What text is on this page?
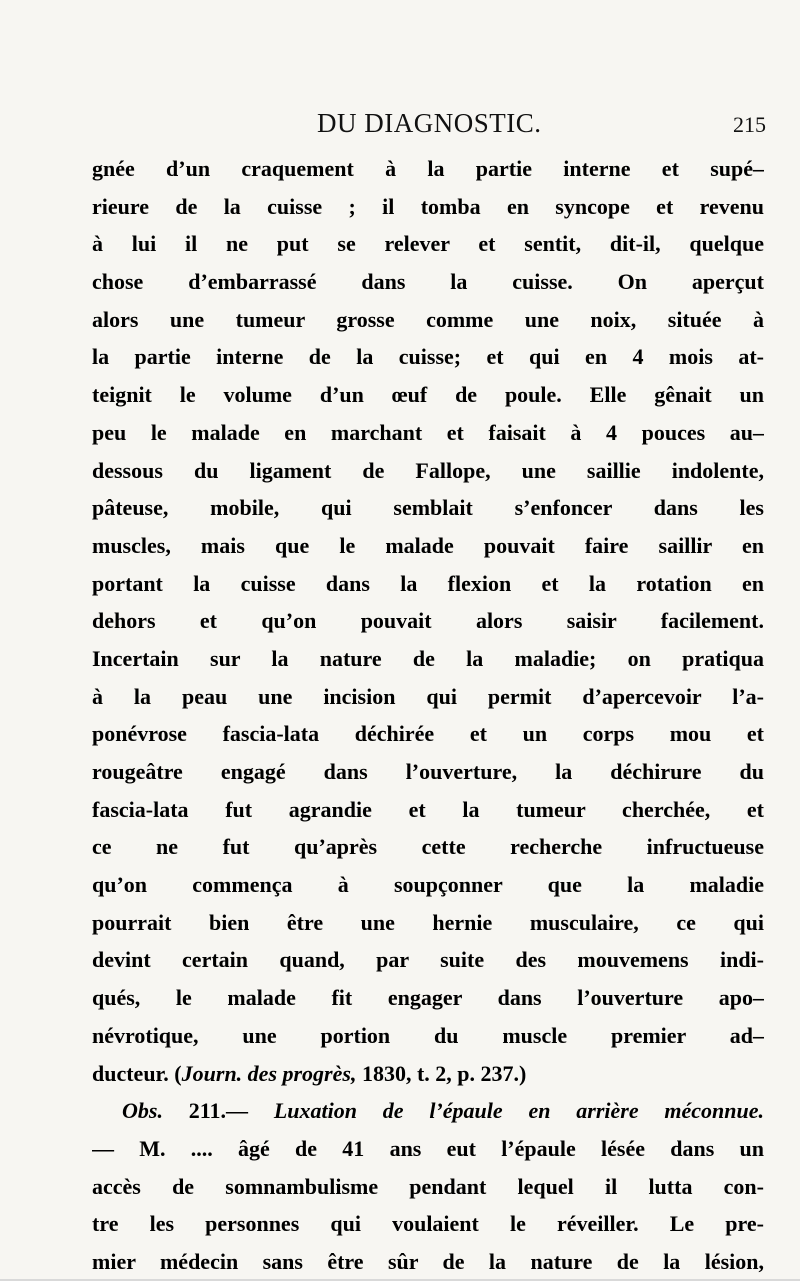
DU DIAGNOSTIC.	215
gnée d’un craquement à la partie interne et supé–
rieure de la cuisse ; il tomba en syncope et revenu
à lui il ne put se relever et sentit, dit-il, quelque
chose d’embarrassé dans la cuisse. On aperçut
alors une tumeur grosse comme une noix, située à
la partie interne de la cuisse; et qui en 4 mois at-
teignit le volume d’un œuf de poule. Elle gênait un
peu le malade en marchant et faisait à 4 pouces au–
dessous du ligament de Fallope, une saillie indolente,
pâteuse, mobile, qui semblait s’enfoncer dans les
muscles, mais que le malade pouvait faire saillir en
portant la cuisse dans la flexion et la rotation en
dehors et qu’on pouvait alors saisir facilement.
Incertain sur la nature de la maladie; on pratiqua
à la peau une incision qui permit d’apercevoir l’a-
ponévrose fascia-lata déchirée et un corps mou et
rougeâtre engagé dans l’ouverture, la déchirure du
fascia-lata fut agrandie et la tumeur cherchée, et
ce ne fut qu’après cette recherche infructueuse
qu’on commença à soupçonner que la maladie
pourrait bien être une hernie musculaire, ce qui
devint certain quand, par suite des mouvemens indi-
qués, le malade fit engager dans l’ouverture apo–
névrotique, une portion du muscle premier ad–
ducteur. (Journ. des progrès, 1830, t. 2, p. 237.)
Obs. 211.— Luxation de l’épaule en arrière méconnue.
— M. .... âgé de 41 ans eut l’épaule lésée dans un
accès de somnambulisme pendant lequel il lutta con-
tre les personnes qui voulaient le réveiller. Le pre-
mier médecin sans être sûr de la nature de la lésion,
